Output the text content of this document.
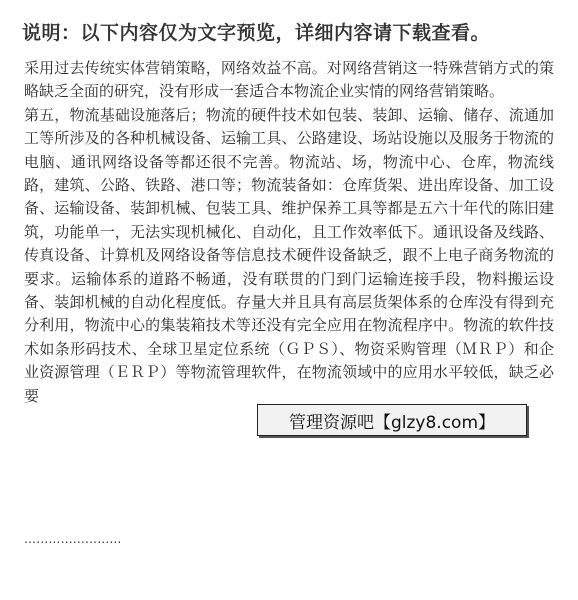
说明：以下内容仅为文字预览，详细内容请下载查看。

采用过去传统实体营销策略，网络效益不高。对网络营销这一特殊营销方式的策略缺乏全面的研究，没有形成一套适合本物流企业实情的网络营销策略。

第五，物流基础设施落后；物流的硬件技术如包装、装卸、运输、储存、流通加工等所涉及的各种机械设备、运输工具、公路建设、场站设施以及服务于物流的电脑、通讯网络设备等都还很不完善。物流站、场，物流中心、仓库，物流线路，建筑、公路、铁路、港口等；物流装备如：仓库货架、进出库设备、加工设备、运输设备、装卸机械、包装工具、维护保养工具等都是五六十年代的陈旧建筑，功能单一，无法实现机械化、自动化，且工作效率低下。通讯设备及线路、传真设备、计算机及网络设备等信息技术硬件设备缺乏，跟不上电子商务物流的要求。运输体系的道路不畅通，没有联贯的门到门运输连接手段，物料搬运设备、装卸机械的自动化程度低。存量大并且具有高层货架体系的仓库没有得到充分利用，物流中心的集装箱技术等还没有完全应用在物流程序中。物流的软件技术如条形码技术、全球卫星定位系统（ＧＰＳ）、物资采购管理（ＭＲＰ）和企业资源管理（ＥＲＰ）等物流管理软件，在物流领域中的应用水平较低，缺乏必要

……………………
管理资源吧【glzy8.com】
